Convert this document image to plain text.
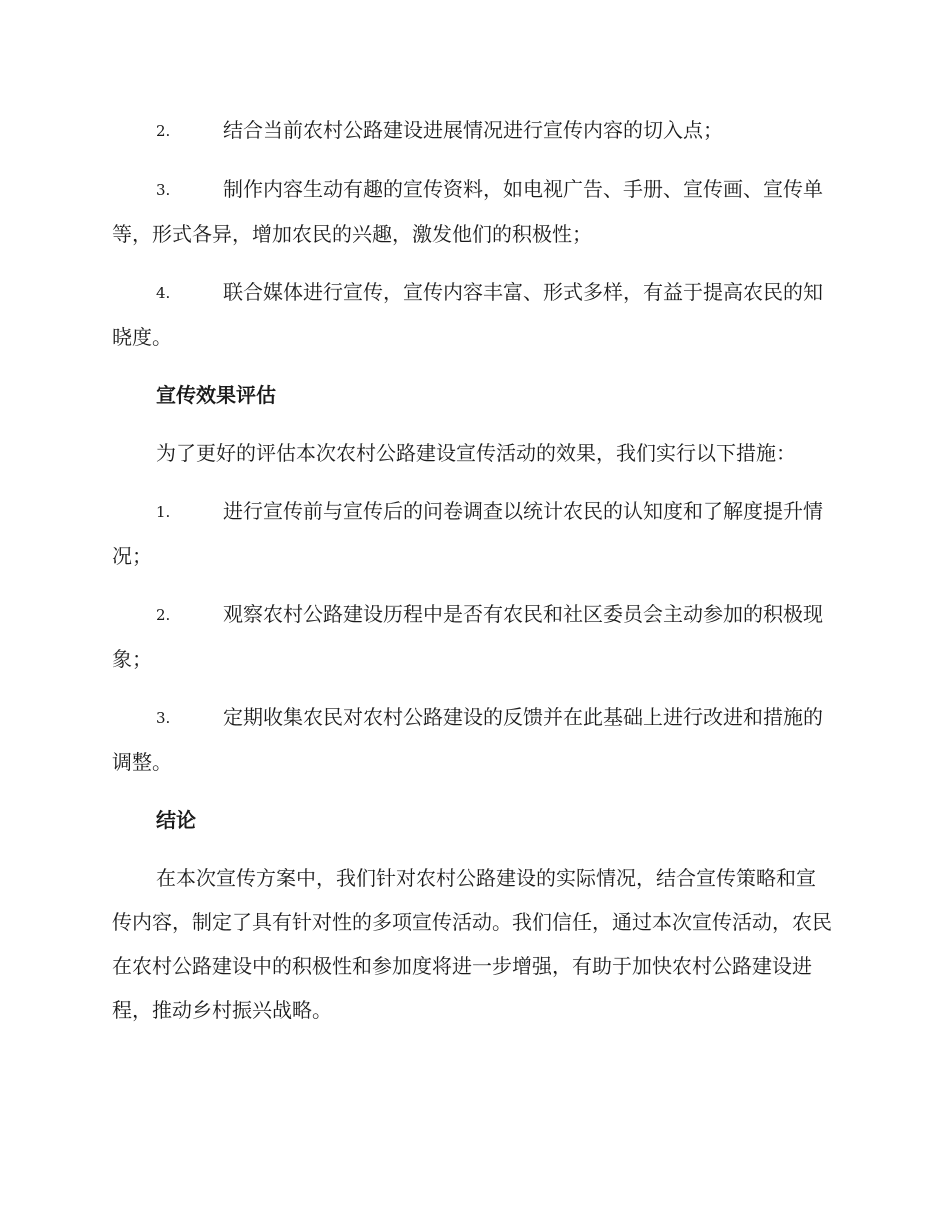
2.	结合当前农村公路建设进展情况进行宣传内容的切入点；

3.	制作内容生动有趣的宣传资料，如电视广告、手册、宣传画、宣传单等，形式各异，增加农民的兴趣，激发他们的积极性；

4.	联合媒体进行宣传，宣传内容丰富、形式多样，有益于提高农民的知晓度。

宣传效果评估

为了更好的评估本次农村公路建设宣传活动的效果，我们实行以下措施：

1.	进行宣传前与宣传后的问卷调查以统计农民的认知度和了解度提升情况；

2.	观察农村公路建设历程中是否有农民和社区委员会主动参加的积极现象；

3.	定期收集农民对农村公路建设的反馈并在此基础上进行改进和措施的调整。

结论

在本次宣传方案中，我们针对农村公路建设的实际情况，结合宣传策略和宣传内容，制定了具有针对性的多项宣传活动。我们信任，通过本次宣传活动，农民在农村公路建设中的积极性和参加度将进一步增强，有助于加快农村公路建设进程，推动乡村振兴战略。
